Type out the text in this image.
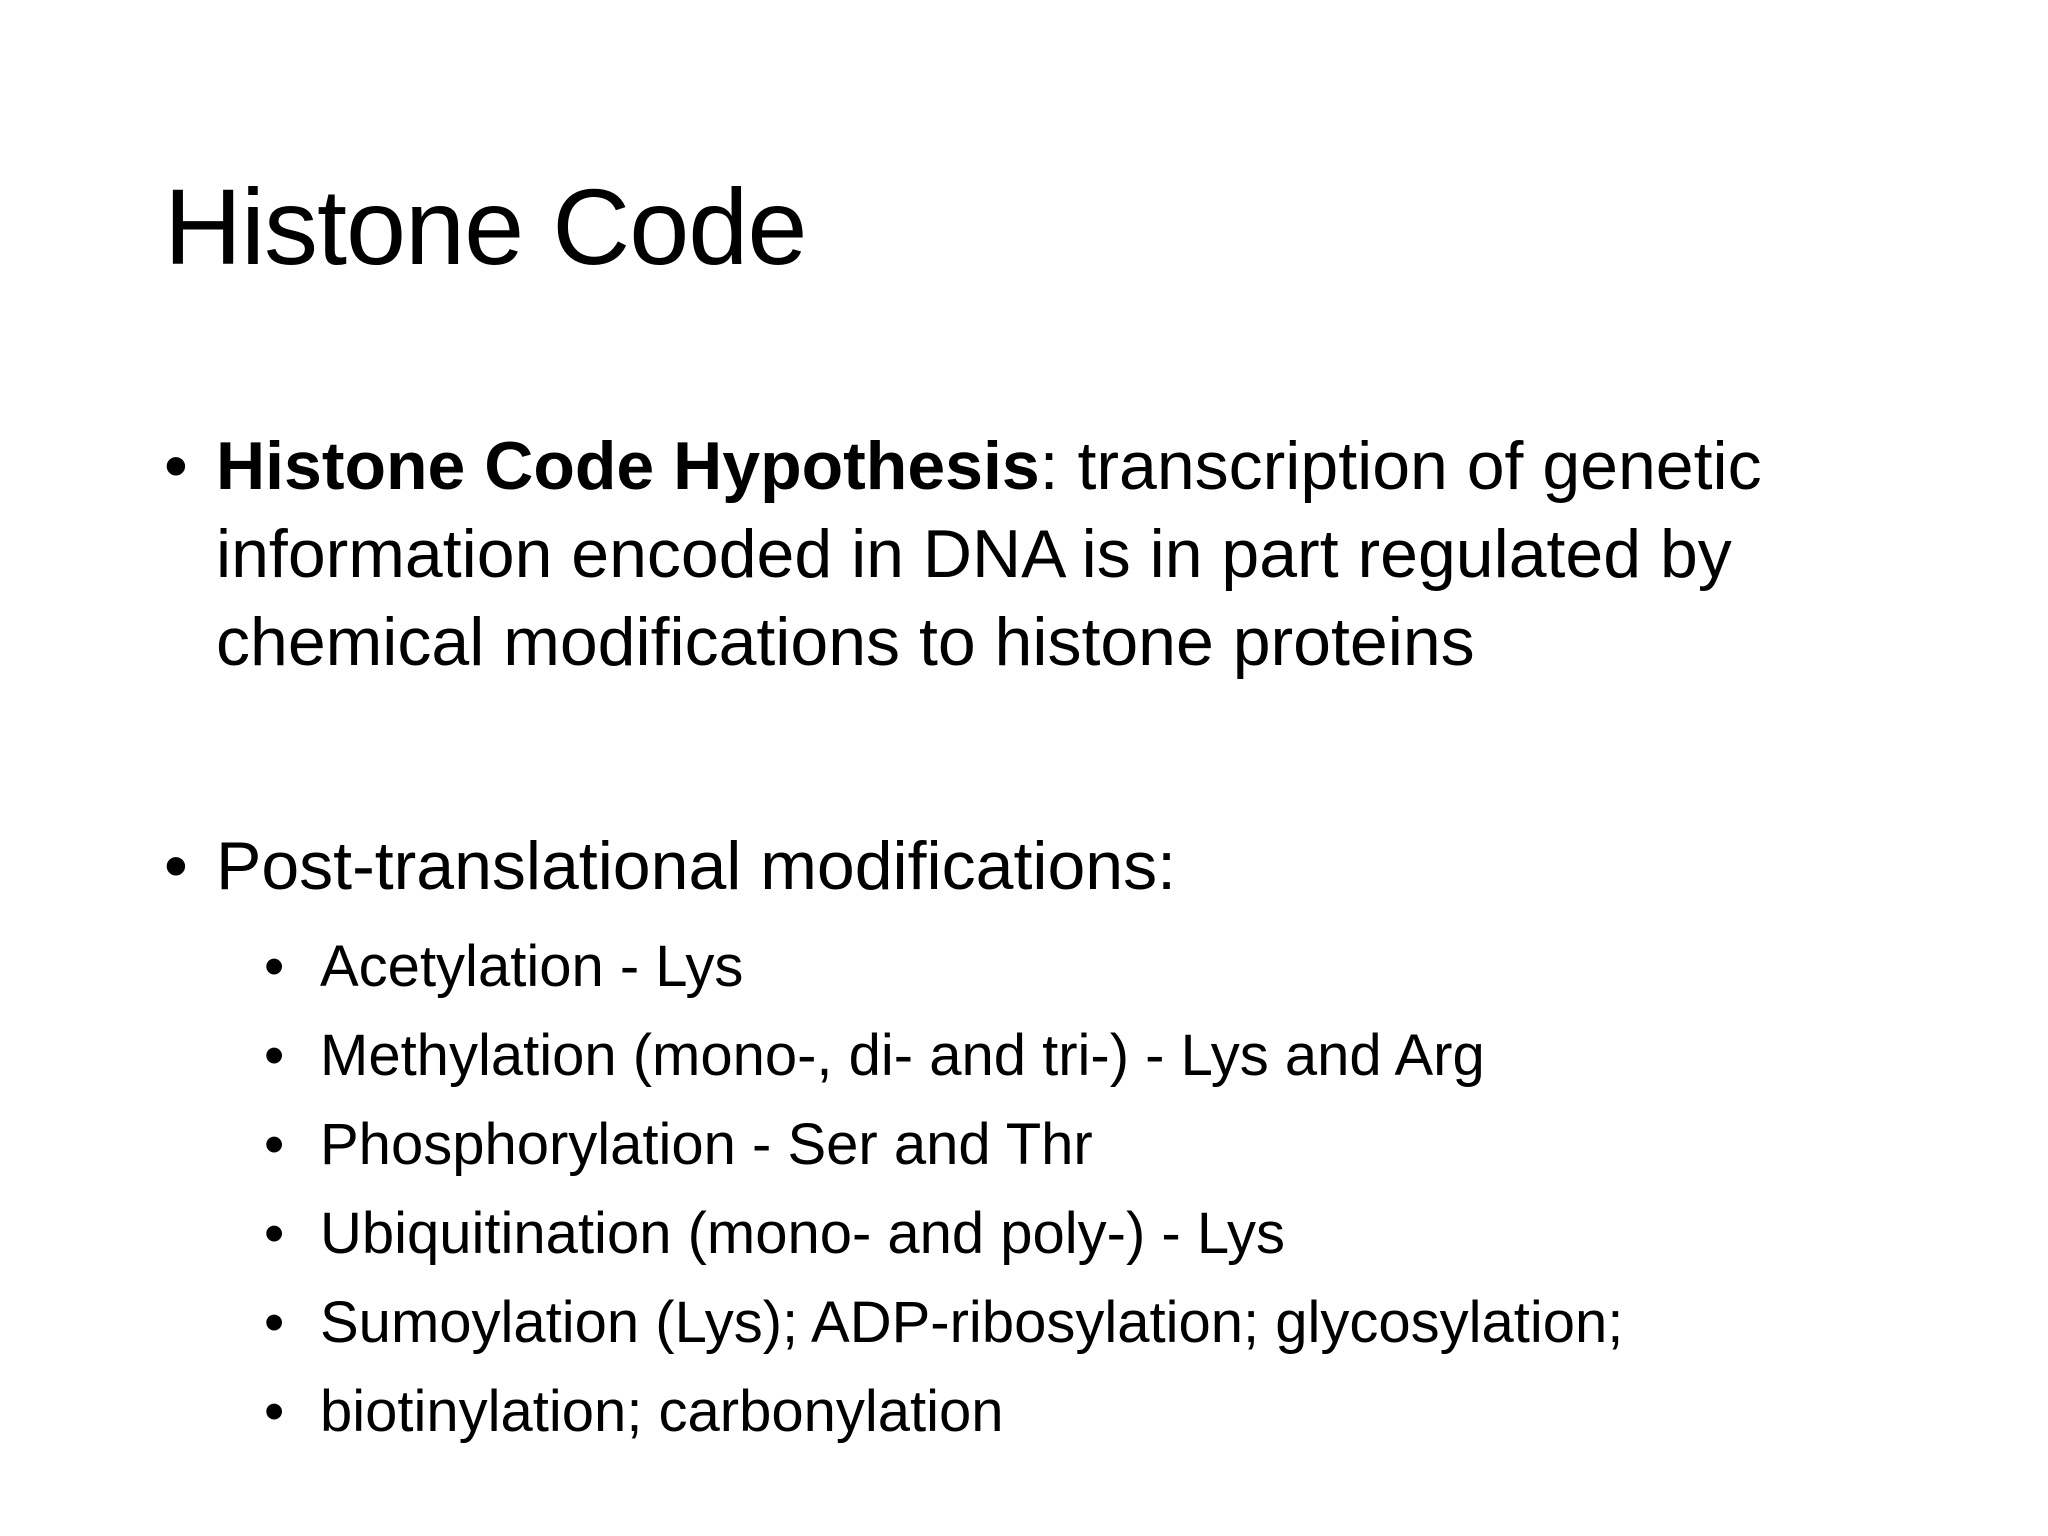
Histone Code
• Histone Code Hypothesis: transcription of genetic information encoded in DNA is in part regulated by chemical modifications to histone proteins
• Post-translational modifications:
• Acetylation - Lys
• Methylation (mono-, di- and tri-) - Lys and Arg
• Phosphorylation - Ser and Thr
• Ubiquitination (mono- and poly-) - Lys
• Sumoylation (Lys); ADP-ribosylation; glycosylation;
• biotinylation; carbonylation
